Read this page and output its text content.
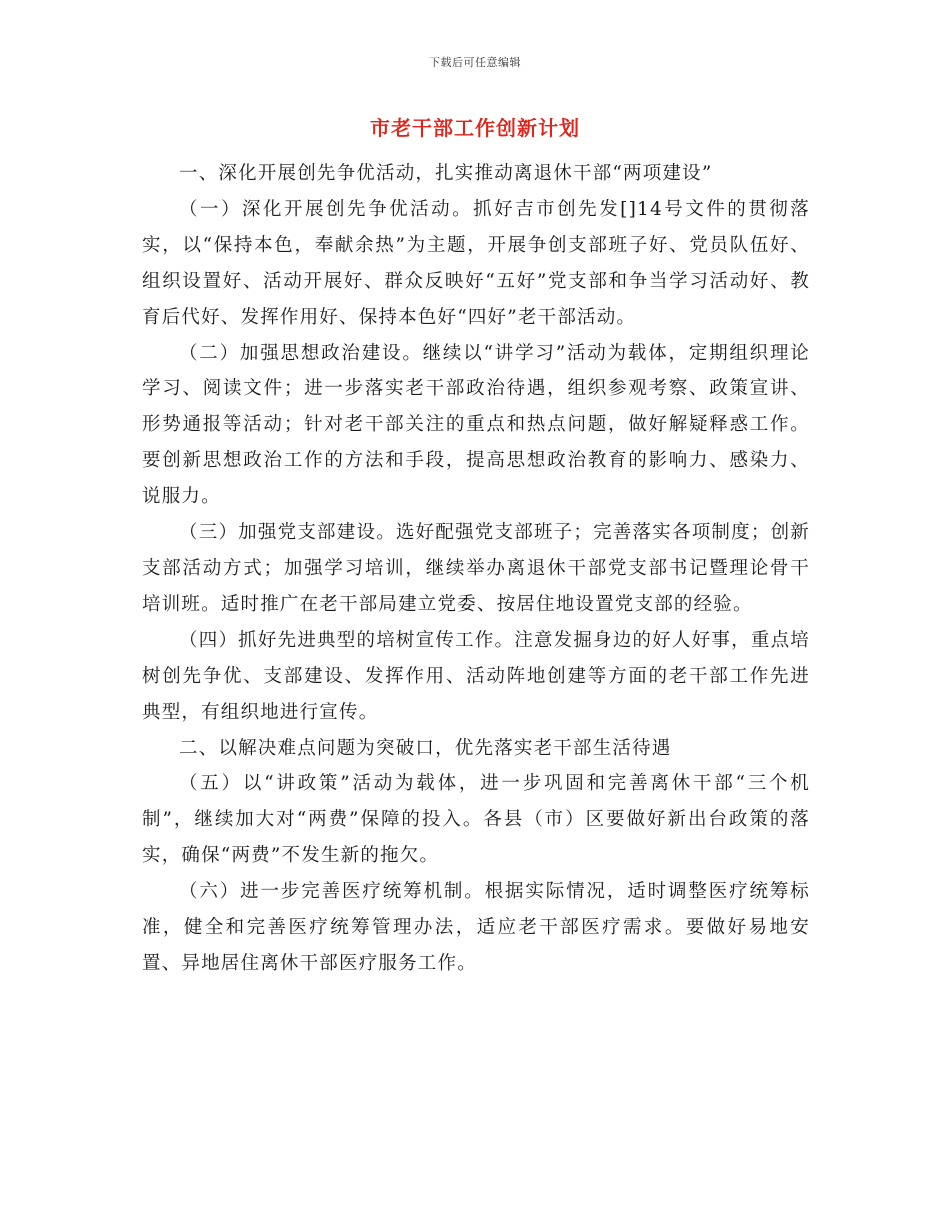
下载后可任意编辑
市老干部工作创新计划

一、深化开展创先争优活动，扎实推动离退休干部“两项建设”

（一）深化开展创先争优活动。抓好吉市创先发[]14号文件的贯彻落实，以“保持本色，奉献余热”为主题，开展争创支部班子好、党员队伍好、组织设置好、活动开展好、群众反映好“五好”党支部和争当学习活动好、教育后代好、发挥作用好、保持本色好“四好”老干部活动。

（二）加强思想政治建设。继续以“讲学习”活动为载体，定期组织理论学习、阅读文件；进一步落实老干部政治待遇，组织参观考察、政策宣讲、形势通报等活动；针对老干部关注的重点和热点问题，做好解疑释惑工作。要创新思想政治工作的方法和手段，提高思想政治教育的影响力、感染力、说服力。

（三）加强党支部建设。选好配强党支部班子；完善落实各项制度；创新支部活动方式；加强学习培训，继续举办离退休干部党支部书记暨理论骨干培训班。适时推广在老干部局建立党委、按居住地设置党支部的经验。

（四）抓好先进典型的培树宣传工作。注意发掘身边的好人好事，重点培树创先争优、支部建设、发挥作用、活动阵地创建等方面的老干部工作先进典型，有组织地进行宣传。

二、以解决难点问题为突破口，优先落实老干部生活待遇

（五）以“讲政策”活动为载体，进一步巩固和完善离休干部“三个机制”，继续加大对“两费”保障的投入。各县（市）区要做好新出台政策的落实，确保“两费”不发生新的拖欠。

（六）进一步完善医疗统筹机制。根据实际情况，适时调整医疗统筹标准，健全和完善医疗统筹管理办法，适应老干部医疗需求。要做好易地安置、异地居住离休干部医疗服务工作。
